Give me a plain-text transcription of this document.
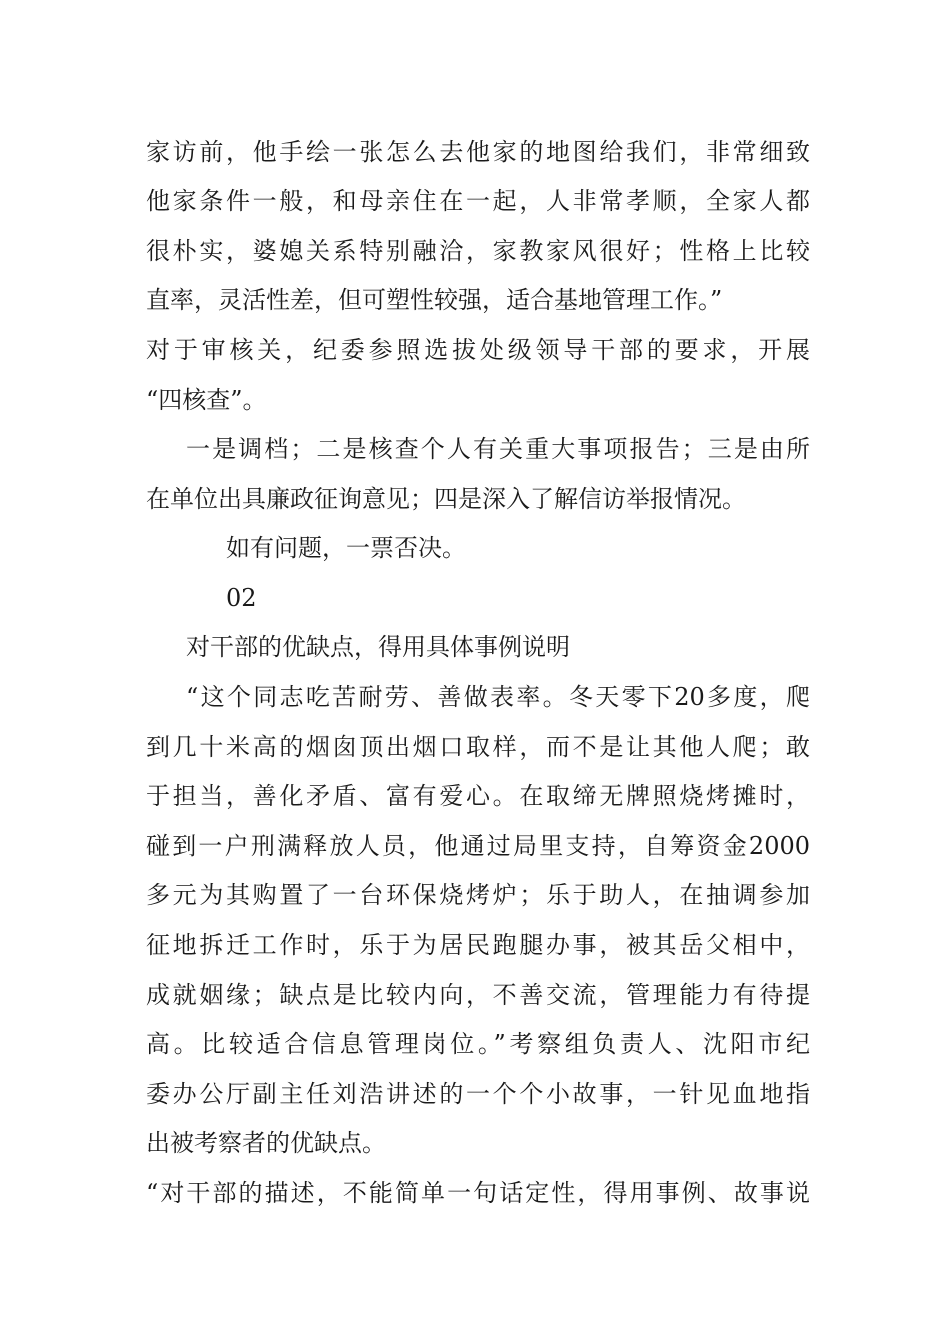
家访前，他手绘一张怎么去他家的地图给我们，非常细致
他家条件一般，和母亲住在一起，人非常孝顺，全家人都
很朴实，婆媳关系特别融洽，家教家风很好；性格上比较
直率，灵活性差，但可塑性较强，适合基地管理工作。”
对于审核关，纪委参照选拔处级领导干部的要求，开展
“四核查”。
一是调档；二是核查个人有关重大事项报告；三是由所
在单位出具廉政征询意见；四是深入了解信访举报情况。
如有问题，一票否决。
02
对干部的优缺点，得用具体事例说明
“这个同志吃苦耐劳、善做表率。冬天零下20多度，爬
到几十米高的烟囱顶出烟口取样，而不是让其他人爬；敢
于担当，善化矛盾、富有爱心。在取缔无牌照烧烤摊时，
碰到一户刑满释放人员，他通过局里支持，自筹资金2000
多元为其购置了一台环保烧烤炉；乐于助人，在抽调参加
征地拆迁工作时，乐于为居民跑腿办事，被其岳父相中，
成就姻缘；缺点是比较内向，不善交流，管理能力有待提
高。比较适合信息管理岗位。”考察组负责人、沈阳市纪
委办公厅副主任刘浩讲述的一个个小故事，一针见血地指
出被考察者的优缺点。
“对干部的描述，不能简单一句话定性，得用事例、故事说
